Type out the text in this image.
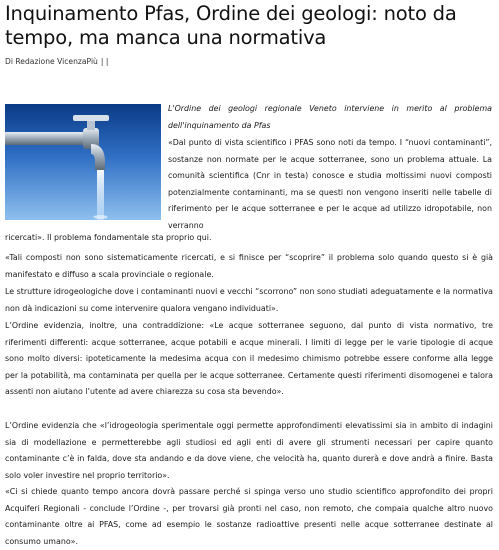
Inquinamento Pfas, Ordine dei geologi: noto da tempo, ma manca una normativa

Di Redazione VicenzaPiù | |

L'Ordine dei geologi regionale Veneto interviene in merito al problema dell'inquinamento da Pfas

«Dal punto di vista scientifico i PFAS sono noti da tempo. I “nuovi contaminanti”, sostanze non normate per le acque sotterranee, sono un problema attuale. La comunità scientifica (Cnr in testa) conosce e studia moltissimi nuovi composti potenzialmente contaminanti, ma se questi non vengono inseriti nelle tabelle di riferimento per le acque sotterranee e per le acque ad utilizzo idropotabile, non verranno

ricercati». Il problema fondamentale sta proprio qui.

«Tali composti non sono sistematicamente ricercati, e si finisce per “scoprire” il problema solo quando questo si è già manifestato e diffuso a scala provinciale o regionale.

Le strutture idrogeologiche dove i contaminanti nuovi e vecchi “scorrono” non sono studiati adeguatamente e la normativa non dà indicazioni su come intervenire qualora vengano individuati».

L’Ordine evidenzia, inoltre, una contraddizione: «Le acque sotterranee seguono, dal punto di vista normativo, tre riferimenti differenti: acque sotterranee, acque potabili e acque minerali. I limiti di legge per le varie tipologie di acque sono molto diversi: ipoteticamente la medesima acqua con il medesimo chimismo potrebbe essere conforme alla legge per la potabilità, ma contaminata per quella per le acque sotterranee. Certamente questi riferimenti disomogenei e talora assenti non aiutano l’utente ad avere chiarezza su cosa sta bevendo».

L’Ordine evidenzia che «l’idrogeologia sperimentale oggi permette approfondimenti elevatissimi sia in ambito di indagini sia di modellazione e permetterebbe agli studiosi ed agli enti di avere gli strumenti necessari per capire quanto contaminante c’è in falda, dove sta andando e da dove viene, che velocità ha, quanto durerà e dove andrà a finire. Basta solo voler investire nel proprio territorio».

«Ci si chiede quanto tempo ancora dovrà passare perché si spinga verso uno studio scientifico approfondito dei propri Acquiferi Regionali - conclude l’Ordine -, per trovarsi già pronti nel caso, non remoto, che compaia qualche altro nuovo contaminante oltre ai PFAS, come ad esempio le sostanze radioattive presenti nelle acque sotterranee destinate al consumo umano».
